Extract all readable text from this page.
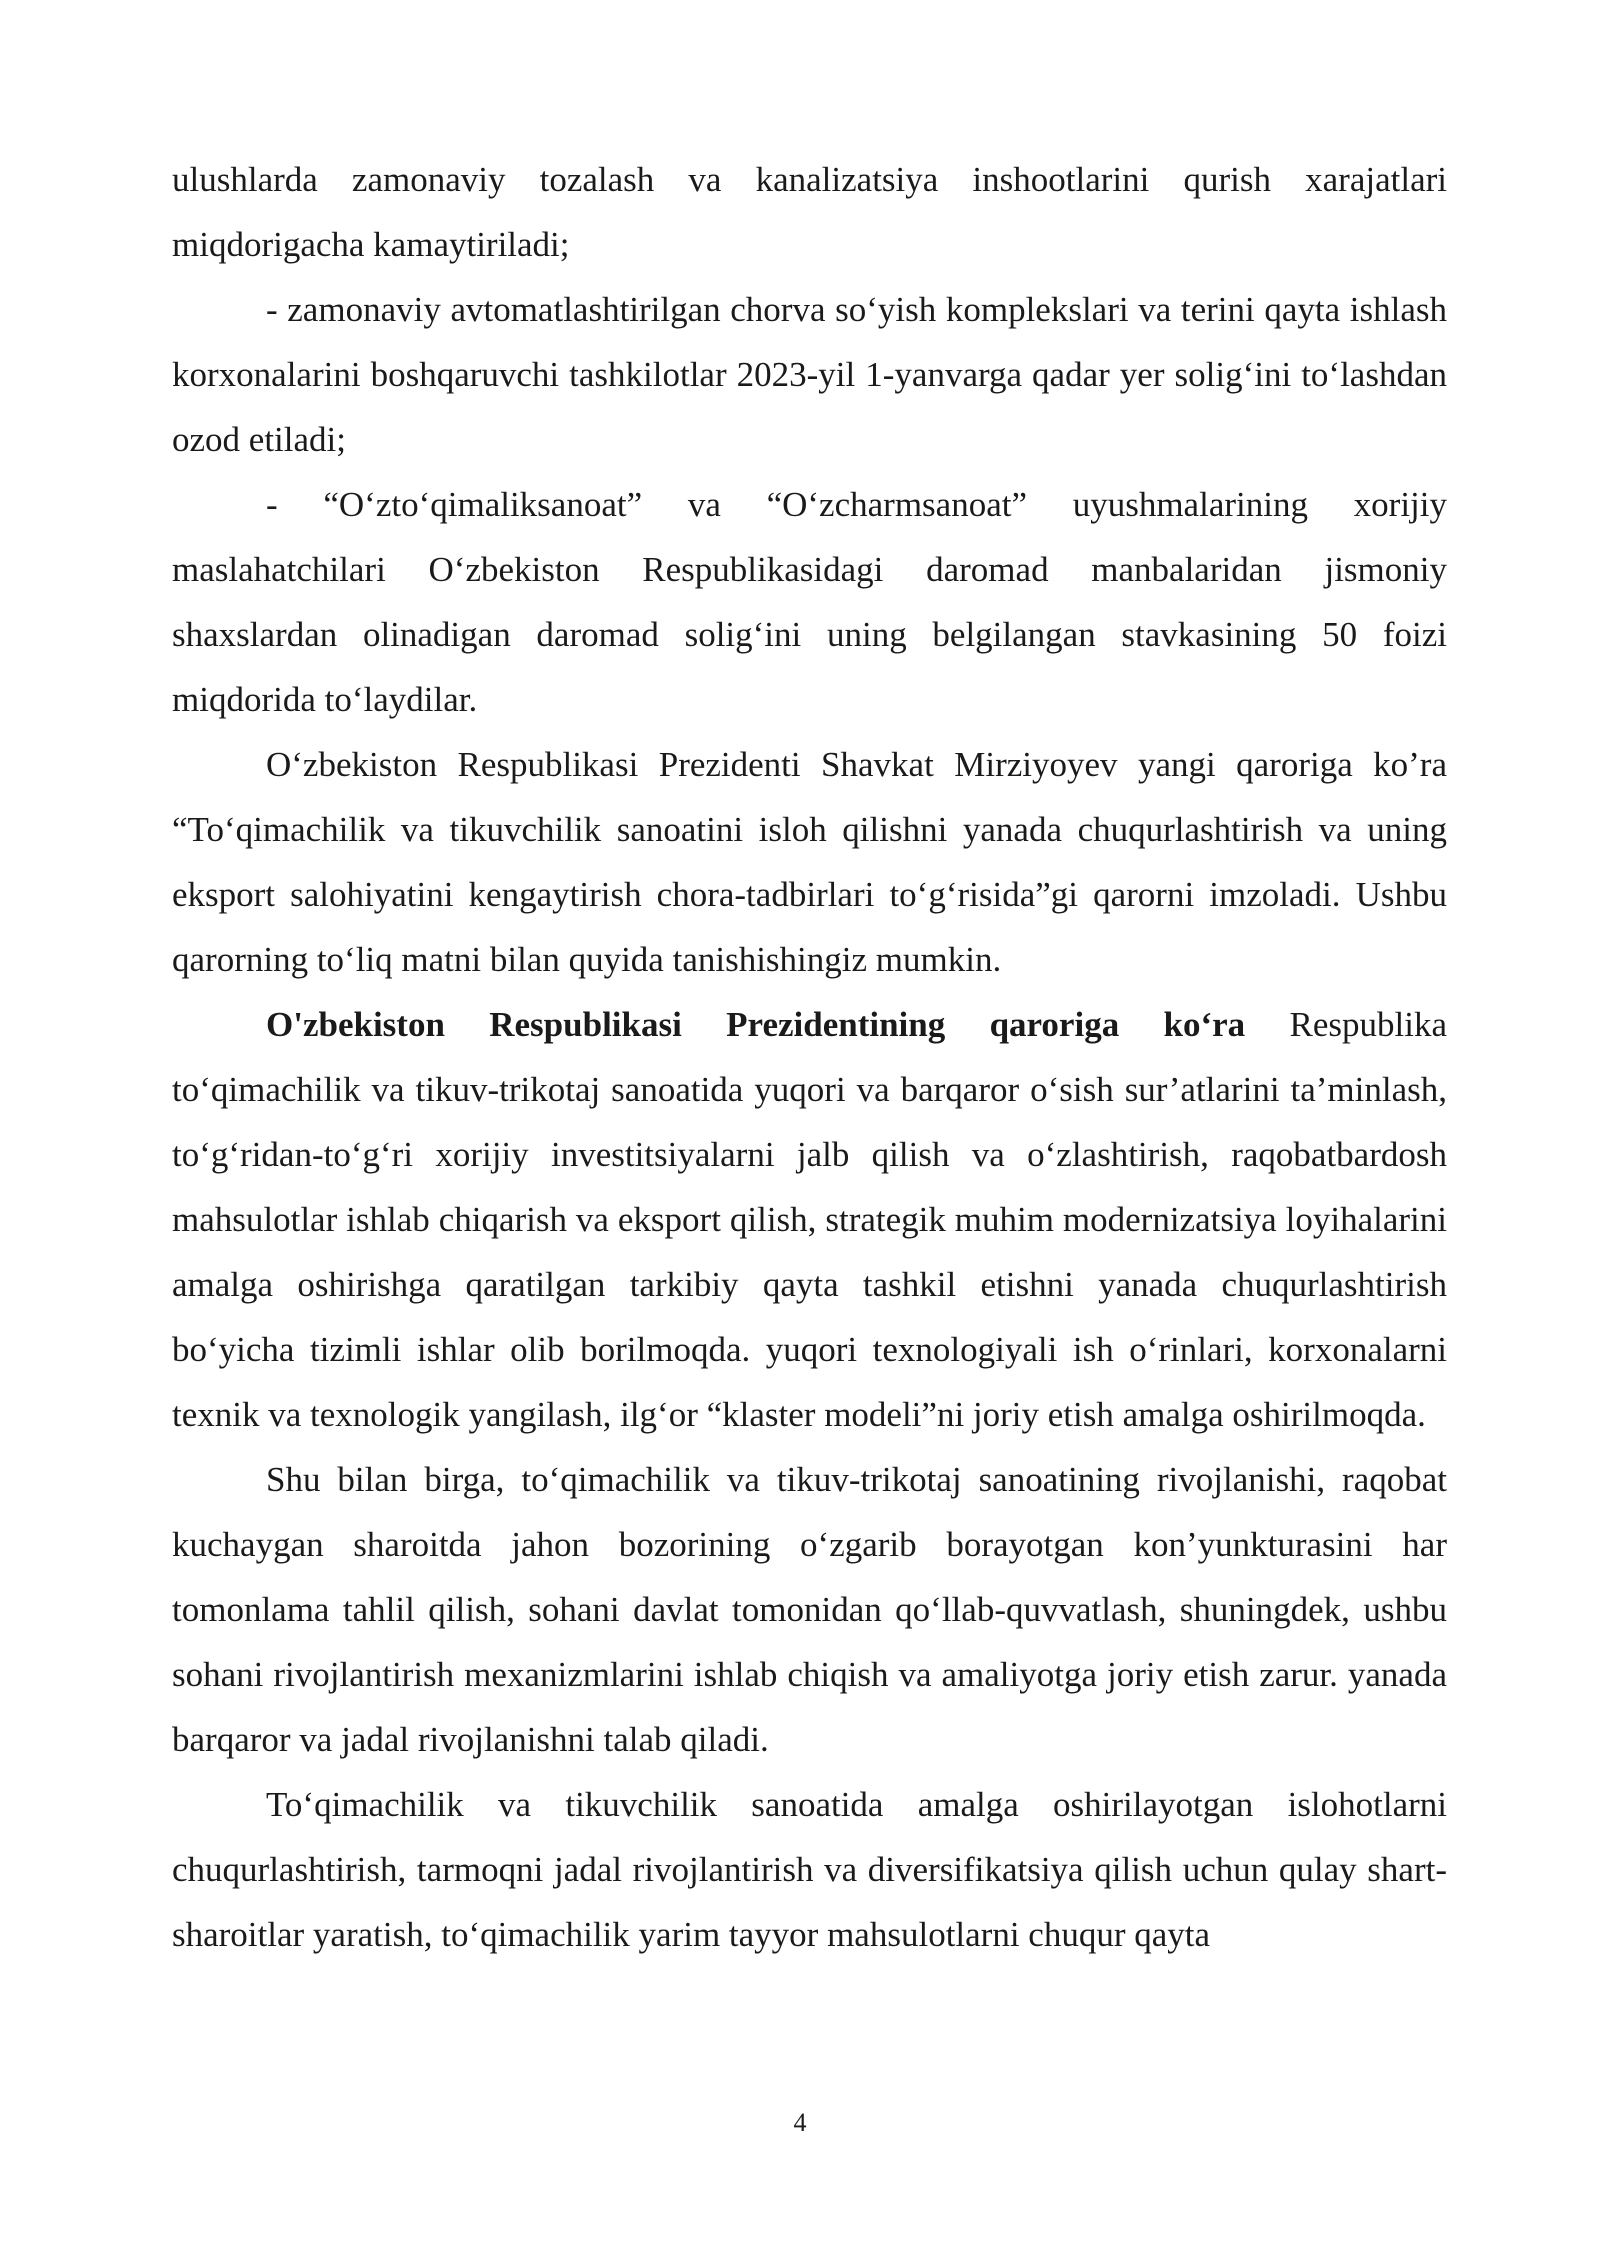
ulushlarda zamonaviy tozalash va kanalizatsiya inshootlarini qurish xarajatlari miqdorigacha kamaytiriladi;

- zamonaviy avtomatlashtirilgan chorva so‘yish komplekslari va terini qayta ishlash korxonalarini boshqaruvchi tashkilotlar 2023-yil 1-yanvarga qadar yer solig‘ini to‘lashdan ozod etiladi;

- “O‘zto‘qimaliksanoat” va “O‘zcharmsanoat” uyushmalarining xorijiy maslahatchilari O‘zbekiston Respublikasidagi daromad manbalaridan jismoniy shaxslardan olinadigan daromad solig‘ini uning belgilangan stavkasining 50 foizi miqdorida to‘laydilar.

O‘zbekiston Respublikasi Prezidenti Shavkat Mirziyoyev yangi qaroriga ko’ra “To‘qimachilik va tikuvchilik sanoatini isloh qilishni yanada chuqurlashtirish va uning eksport salohiyatini kengaytirish chora-tadbirlari to‘g‘risida”gi qarorni imzoladi. Ushbu qarorning to‘liq matni bilan quyida tanishishingiz mumkin.

O'zbekiston Respublikasi Prezidentining qaroriga ko‘ra Respublika to‘qimachilik va tikuv-trikotaj sanoatida yuqori va barqaror o‘sish sur’atlarini ta’minlash, to‘g‘ridan-to‘g‘ri xorijiy investitsiyalarni jalb qilish va o‘zlashtirish, raqobatbardosh mahsulotlar ishlab chiqarish va eksport qilish, strategik muhim modernizatsiya loyihalarini amalga oshirishga qaratilgan tarkibiy qayta tashkil etishni yanada chuqurlashtirish bo‘yicha tizimli ishlar olib borilmoqda. yuqori texnologiyali ish o‘rinlari, korxonalarni texnik va texnologik yangilash, ilg‘or “klaster modeli”ni joriy etish amalga oshirilmoqda.

Shu bilan birga, to‘qimachilik va tikuv-trikotaj sanoatining rivojlanishi, raqobat kuchaygan sharoitda jahon bozorining o‘zgarib borayotgan kon’yunkturasini har tomonlama tahlil qilish, sohani davlat tomonidan qo‘llab-quvvatlash, shuningdek, ushbu sohani rivojlantirish mexanizmlarini ishlab chiqish va amaliyotga joriy etish zarur. yanada barqaror va jadal rivojlanishni talab qiladi.

To‘qimachilik va tikuvchilik sanoatida amalga oshirilayotgan islohotlarni chuqurlashtirish, tarmoqni jadal rivojlantirish va diversifikatsiya qilish uchun qulay shart-sharoitlar yaratish, to‘qimachilik yarim tayyor mahsulotlarni chuqur qayta

4
